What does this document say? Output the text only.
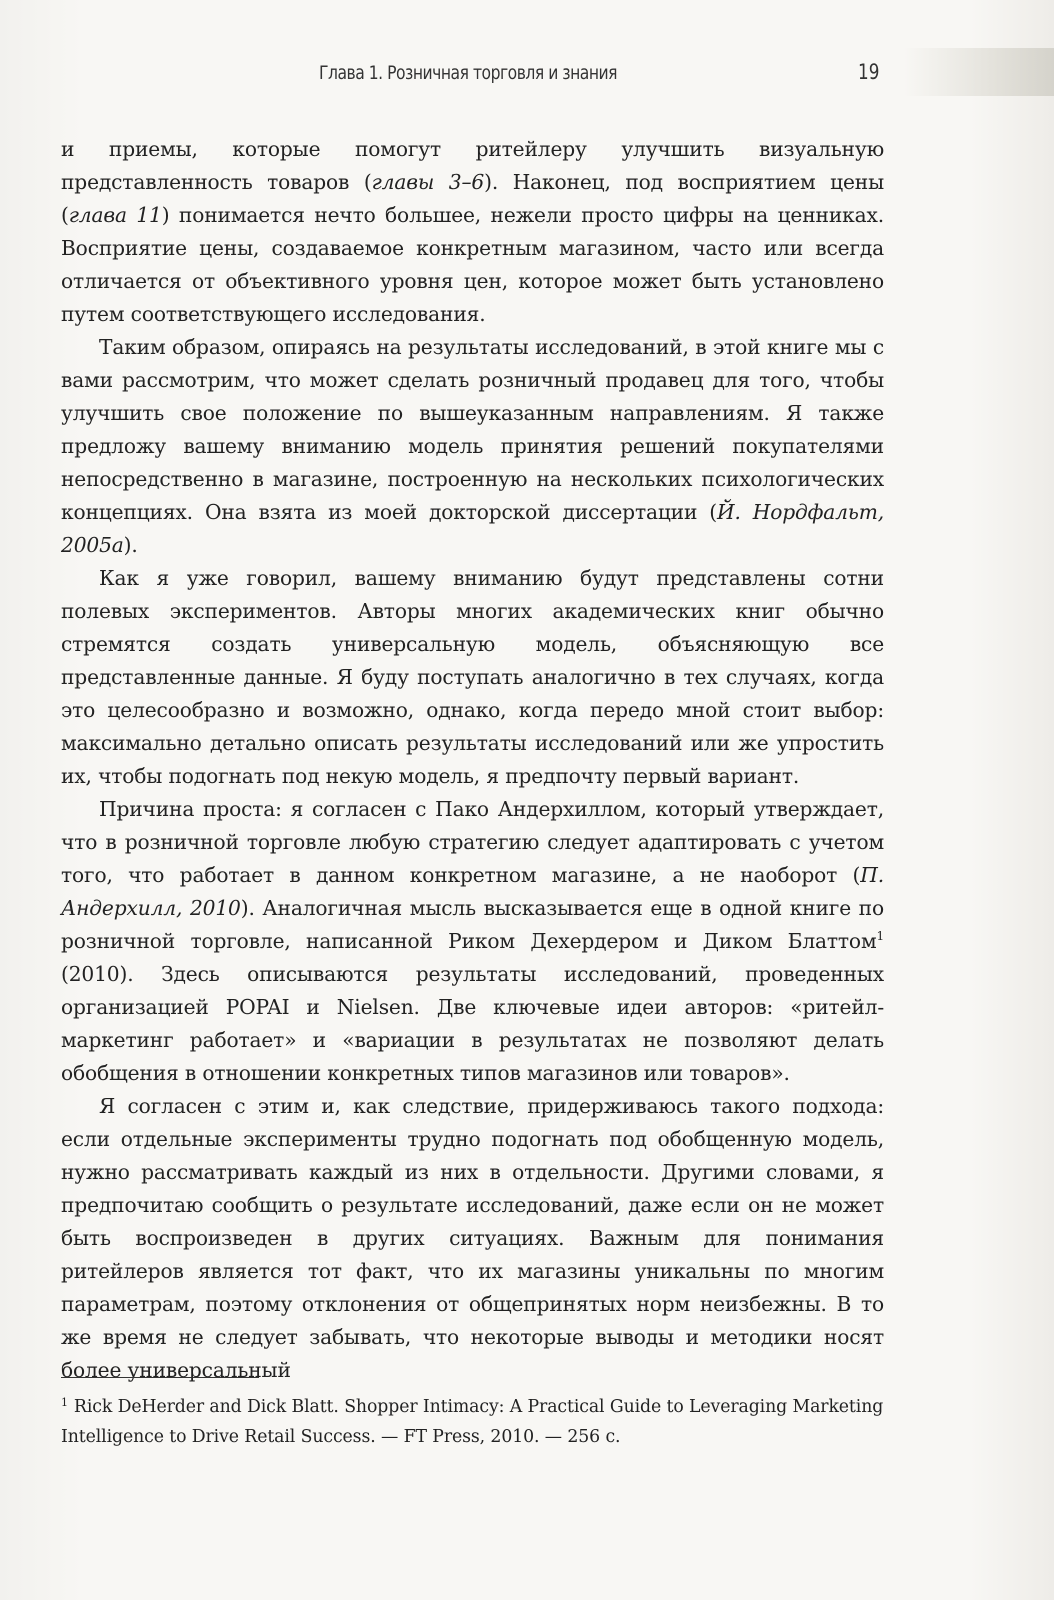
Глава 1. Розничная торговля и знания	19

и приемы, которые помогут ритейлеру улучшить визуальную представленность товаров (главы 3–6). Наконец, под восприятием цены (глава 11) понимается нечто большее, нежели просто цифры на ценниках. Восприятие цены, создаваемое конкретным магазином, часто или всегда отличается от объективного уровня цен, которое может быть установлено путем соответствующего исследования.

Таким образом, опираясь на результаты исследований, в этой книге мы с вами рассмотрим, что может сделать розничный продавец для того, чтобы улучшить свое положение по вышеуказанным направлениям. Я также предложу вашему вниманию модель принятия решений покупателями непосредственно в магазине, построенную на нескольких психологических концепциях. Она взята из моей докторской диссертации (Й. Нордфальт, 2005a).

Как я уже говорил, вашему вниманию будут представлены сотни полевых экспериментов. Авторы многих академических книг обычно стремятся создать универсальную модель, объясняющую все представленные данные. Я буду поступать аналогично в тех случаях, когда это целесообразно и возможно, однако, когда передо мной стоит выбор: максимально детально описать результаты исследований или же упростить их, чтобы подогнать под некую модель, я предпочту первый вариант.

Причина проста: я согласен с Пако Андерхиллом, который утверждает, что в розничной торговле любую стратегию следует адаптировать с учетом того, что работает в данном конкретном магазине, а не наоборот (П. Андерхилл, 2010). Аналогичная мысль высказывается еще в одной книге по розничной торговле, написанной Риком Дехердером и Диком Блаттом$^1$ (2010). Здесь описываются результаты исследований, проведенных организацией POPAI и Nielsen. Две ключевые идеи авторов: «ритейл-маркетинг работает» и «вариации в результатах не позволяют делать обобщения в отношении конкретных типов магазинов или товаров».

Я согласен с этим и, как следствие, придерживаюсь такого подхода: если отдельные эксперименты трудно подогнать под обобщенную модель, нужно рассматривать каждый из них в отдельности. Другими словами, я предпочитаю сообщить о результате исследований, даже если он не может быть воспроизведен в других ситуациях. Важным для понимания ритейлеров является тот факт, что их магазины уникальны по многим параметрам, поэтому отклонения от общепринятых норм неизбежны. В то же время не следует забывать, что некоторые выводы и методики носят более универсальный

$^1$ Rick DeHerder and Dick Blatt. Shopper Intimacy: A Practical Guide to Leveraging Marketing Intelligence to Drive Retail Success. — FT Press, 2010. — 256 с.
